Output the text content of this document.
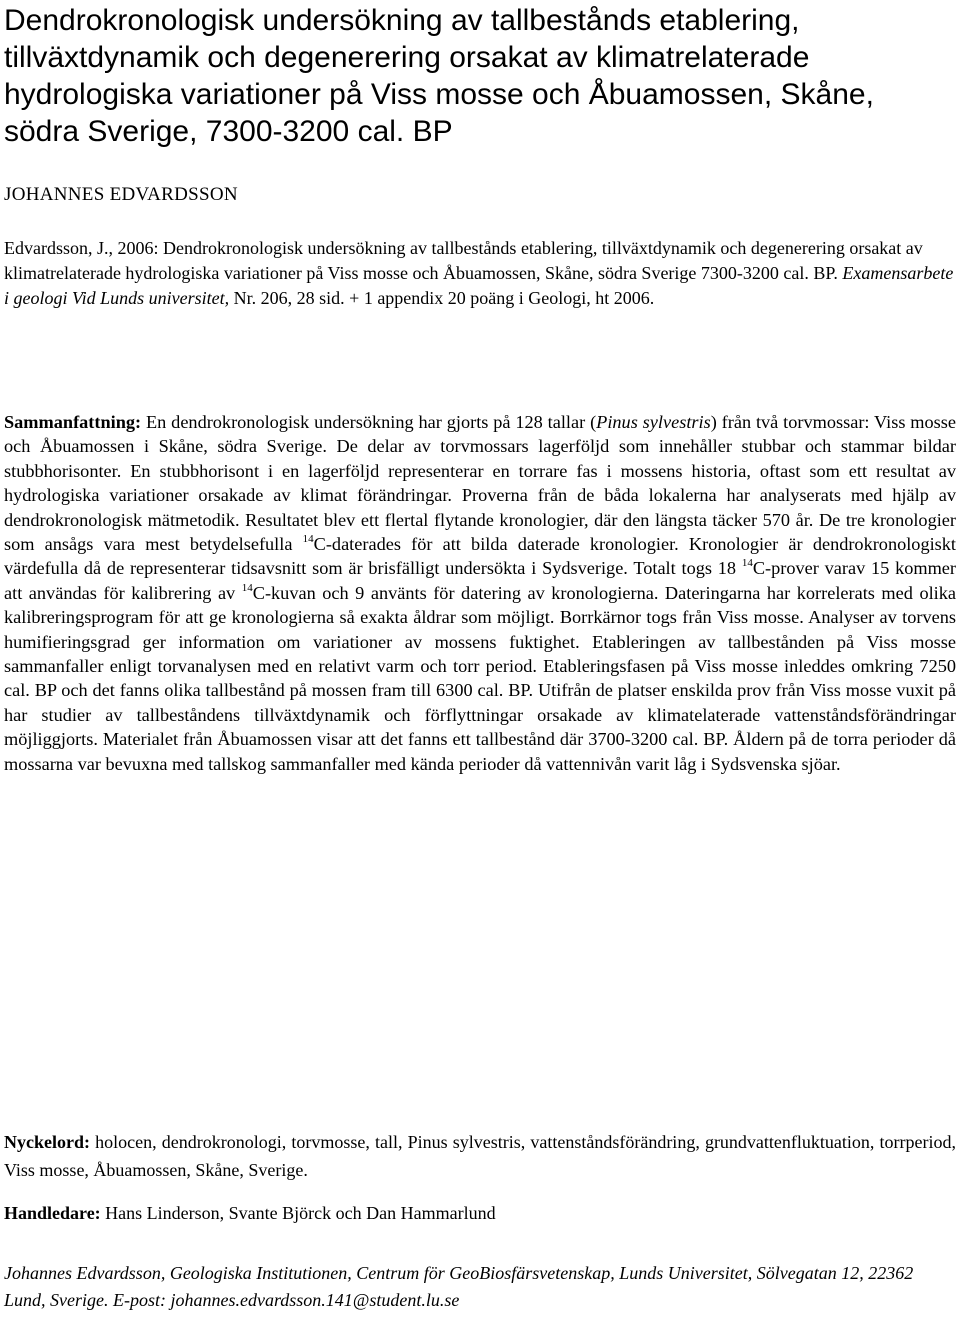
Dendrokronologisk undersökning av tallbestånds etablering, tillväxtdynamik och degenerering orsakat av klimatrelaterade hydrologiska variationer på Viss mosse och Åbuamossen, Skåne, södra Sverige, 7300-3200 cal. BP
JOHANNES EDVARDSSON

Edvardsson, J., 2006: Dendrokronologisk undersökning av tallbestånds etablering, tillväxtdynamik och degenerering orsakat av klimatrelaterade hydrologiska variationer på Viss mosse och Åbuamossen, Skåne, södra Sverige 7300-3200 cal. BP. Examensarbete i geologi Vid Lunds universitet, Nr. 206, 28 sid. + 1 appendix 20 poäng i Geologi, ht 2006.

Sammanfattning: En dendrokronologisk undersökning har gjorts på 128 tallar (Pinus sylvestris) från två torvmossar: Viss mosse och Åbuamossen i Skåne, södra Sverige. De delar av torvmossars lagerföljd som innehåller stubbar och stammar bildar stubbhorisonter. En stubbhorisont i en lagerföljd representerar en torrare fas i mossens historia, oftast som ett resultat av hydrologiska variationer orsakade av klimat förändringar. Proverna från de båda lokalerna har analyserats med hjälp av dendrokronologisk mätmetodik. Resultatet blev ett flertal flytande kronologier, där den längsta täcker 570 år. De tre kronologier som ansågs vara mest betydelsefulla $^{14}$C-daterades för att bilda daterade kronologier. Kronologier är dendrokronologiskt värdefulla då de representerar tidsavsnitt som är brisfälligt undersökta i Sydsverige. Totalt togs 18 $^{14}$C-prover varav 15 kommer att användas för kalibrering av $^{14}$C-kuvan och 9 använts för datering av kronologierna. Dateringarna har korrelerats med olika kalibreringsprogram för att ge kronologierna så exakta åldrar som möjligt. Borrkärnor togs från Viss mosse. Analyser av torvens humifieringsgrad ger information om variationer av mossens fuktighet. Etableringen av tallbestånden på Viss mosse sammanfaller enligt torvanalysen med en relativt varm och torr period. Etableringsfasen på Viss mosse inleddes omkring 7250 cal. BP och det fanns olika tallbestånd på mossen fram till 6300 cal. BP. Utifrån de platser enskilda prov från Viss mosse vuxit på har studier av tallbeståndens tillväxtdynamik och förflyttningar orsakade av klimatelaterade vattenståndsförändringar möjliggjorts. Materialet från Åbuamossen visar att det fanns ett tallbestånd där 3700-3200 cal. BP. Åldern på de torra perioder då mossarna var bevuxna med tallskog sammanfaller med kända perioder då vattennivån varit låg i Sydsvenska sjöar.

Nyckelord: holocen, dendrokronologi, torvmosse, tall, Pinus sylvestris, vattenståndsförändring, grundvattenfluktuation, torrperiod, Viss mosse, Åbuamossen, Skåne, Sverige.

Handledare: Hans Linderson, Svante Björck och Dan Hammarlund

Johannes Edvardsson, Geologiska Institutionen, Centrum för GeoBiosfärsvetenskap, Lunds Universitet, Sölvegatan 12, 22362 Lund, Sverige. E-post: johannes.edvardsson.141@student.lu.se
